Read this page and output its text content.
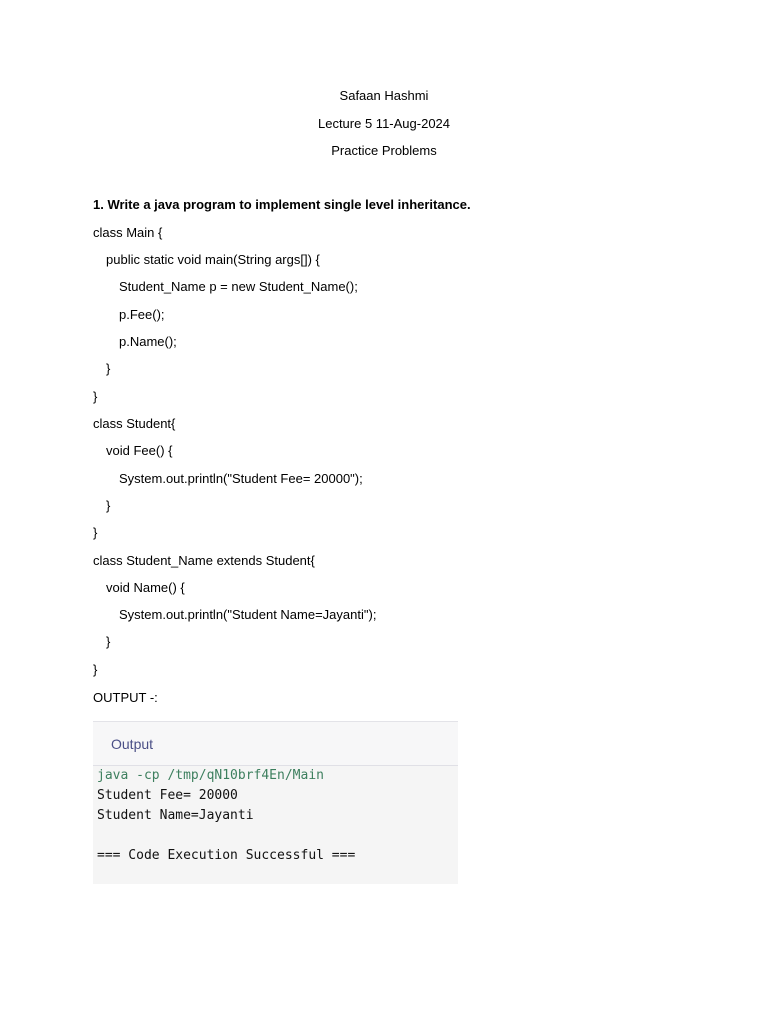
Safaan Hashmi
Lecture 5 11-Aug-2024
Practice Problems
1. Write a java program to implement single level inheritance.
class Main {
public static void main(String args[]) {
Student_Name p = new Student_Name();
p.Fee();
p.Name();
}
}
class Student{
void Fee() {
System.out.println("Student Fee= 20000");
}
}
class Student_Name extends Student{
void Name() {
System.out.println("Student Name=Jayanti");
}
}
OUTPUT -:
Output
java -cp /tmp/qN10brf4En/Main
Student Fee= 20000
Student Name=Jayanti
=== Code Execution Successful ===
